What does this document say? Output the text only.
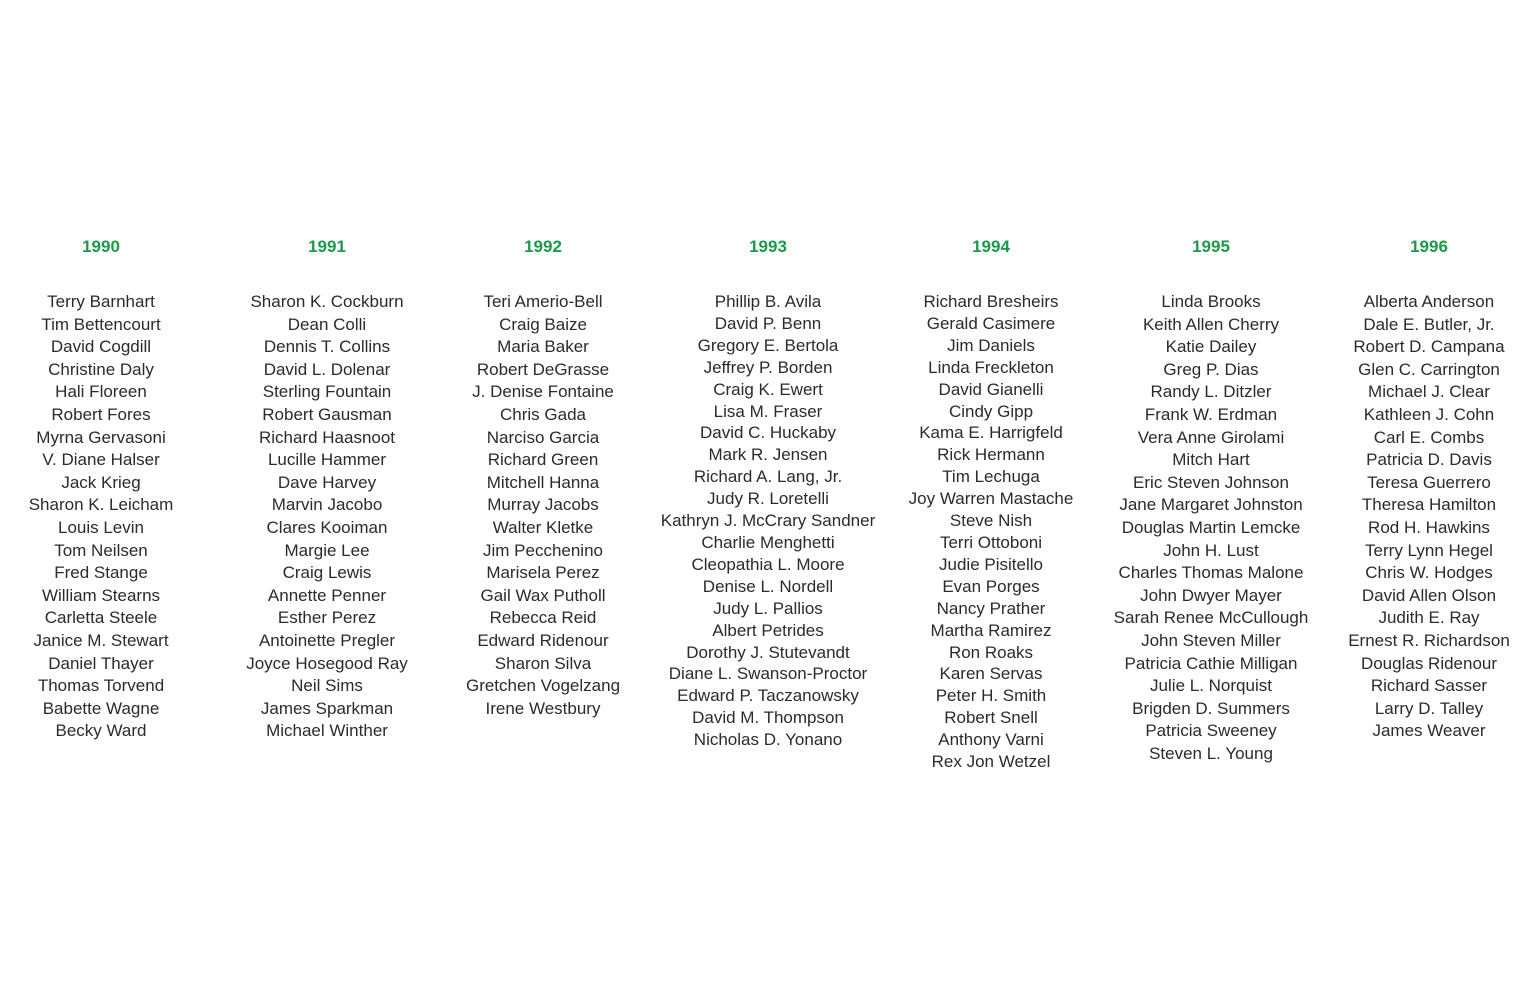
1990
Terry Barnhart
Tim Bettencourt
David Cogdill
Christine Daly
Hali Floreen
Robert Fores
Myrna Gervasoni
V. Diane Halser
Jack Krieg
Sharon K. Leicham
Louis Levin
Tom Neilsen
Fred Stange
William Stearns
Carletta Steele
Janice M. Stewart
Daniel Thayer
Thomas Torvend
Babette Wagne
Becky Ward
1991
Sharon K. Cockburn
Dean Colli
Dennis T. Collins
David L. Dolenar
Sterling Fountain
Robert Gausman
Richard Haasnoot
Lucille Hammer
Dave Harvey
Marvin Jacobo
Clares Kooiman
Margie Lee
Craig Lewis
Annette Penner
Esther Perez
Antoinette Pregler
Joyce Hosegood Ray
Neil Sims
James Sparkman
Michael Winther
1992
Teri Amerio-Bell
Craig Baize
Maria Baker
Robert DeGrasse
J. Denise Fontaine
Chris Gada
Narciso Garcia
Richard Green
Mitchell Hanna
Murray Jacobs
Walter Kletke
Jim Pecchenino
Marisela Perez
Gail Wax Putholl
Rebecca Reid
Edward Ridenour
Sharon Silva
Gretchen Vogelzang
Irene Westbury
1993
Phillip B. Avila
David P. Benn
Gregory E. Bertola
Jeffrey P. Borden
Craig K. Ewert
Lisa M. Fraser
David C. Huckaby
Mark R. Jensen
Richard A. Lang, Jr.
Judy R. Loretelli
Kathryn J. McCrary Sandner
Charlie Menghetti
Cleopathia L. Moore
Denise L. Nordell
Judy L. Pallios
Albert Petrides
Dorothy J. Stutevandt
Diane L. Swanson-Proctor
Edward P. Taczanowsky
David M. Thompson
Nicholas D. Yonano
1994
Richard Bresheirs
Gerald Casimere
Jim Daniels
Linda Freckleton
David Gianelli
Cindy Gipp
Kama E. Harrigfeld
Rick Hermann
Tim Lechuga
Joy Warren Mastache
Steve Nish
Terri Ottoboni
Judie Pisitello
Evan Porges
Nancy Prather
Martha Ramirez
Ron Roaks
Karen Servas
Peter H. Smith
Robert Snell
Anthony Varni
Rex Jon Wetzel
1995
Linda Brooks
Keith Allen Cherry
Katie Dailey
Greg P. Dias
Randy L. Ditzler
Frank W. Erdman
Vera Anne Girolami
Mitch Hart
Eric Steven Johnson
Jane Margaret Johnston
Douglas Martin Lemcke
John H. Lust
Charles Thomas Malone
John Dwyer Mayer
Sarah Renee McCullough
John Steven Miller
Patricia Cathie Milligan
Julie L. Norquist
Brigden D. Summers
Patricia Sweeney
Steven L. Young
1996
Alberta Anderson
Dale E. Butler, Jr.
Robert D. Campana
Glen C. Carrington
Michael J. Clear
Kathleen J. Cohn
Carl E. Combs
Patricia D. Davis
Teresa Guerrero
Theresa Hamilton
Rod H. Hawkins
Terry Lynn Hegel
Chris W. Hodges
David Allen Olson
Judith E. Ray
Ernest R. Richardson
Douglas Ridenour
Richard Sasser
Larry D. Talley
James Weaver
